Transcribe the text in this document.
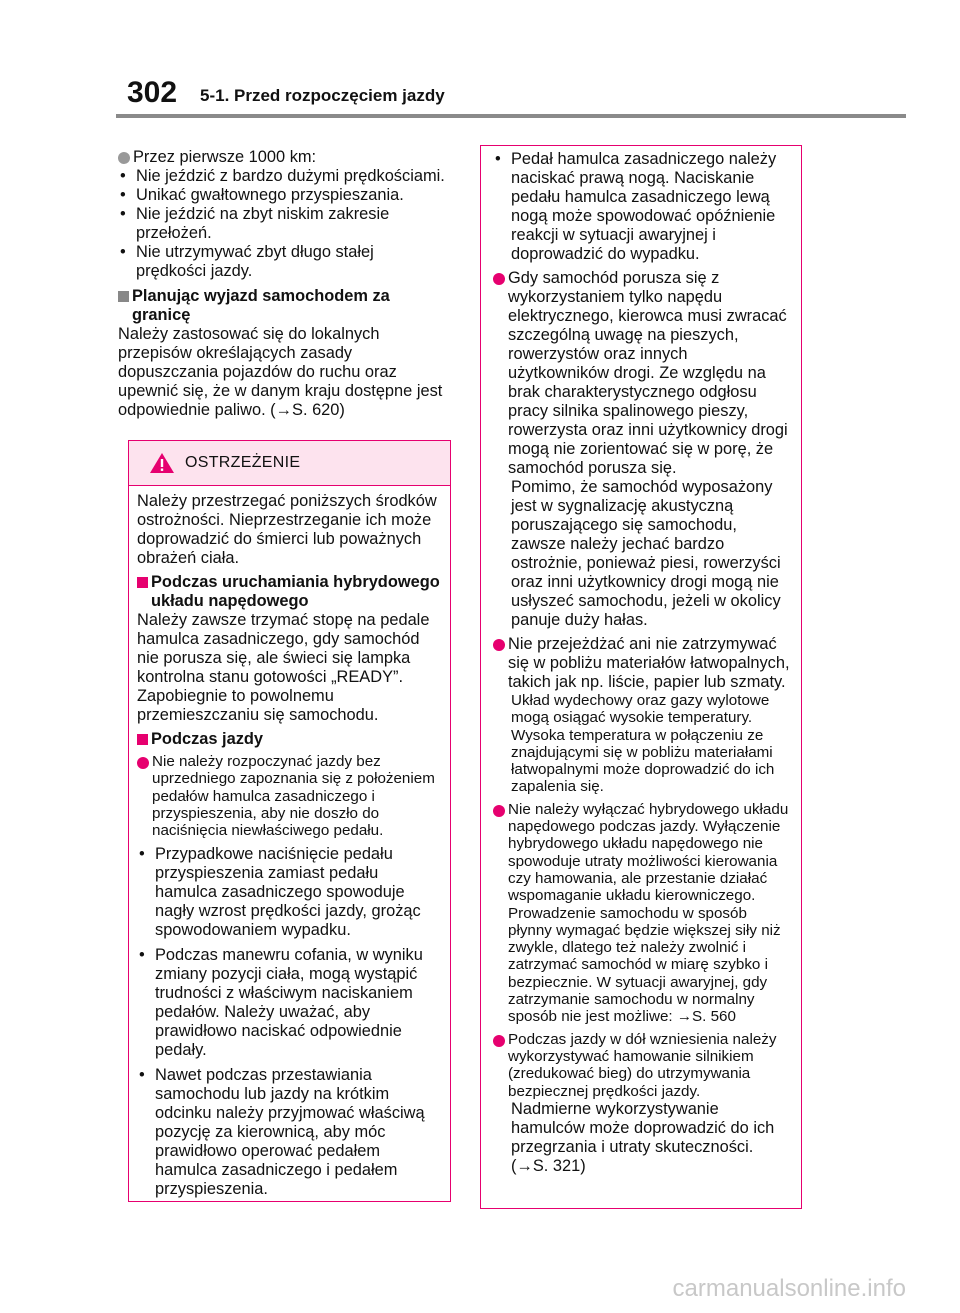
302 5-1. Przed rozpoczęciem jazdy

Przez pierwsze 1000 km:

• Nie jeździć z bardzo dużymi prędkościami.

• Unikać gwałtownego przyspieszania.

• Nie jeździć na zbyt niskim zakresie przełożeń.

• Nie utrzymywać zbyt długo stałej prędkości jazdy.

Planując wyjazd samochodem za granicę

Należy zastosować się do lokalnych przepisów określających zasady dopuszczania pojazdów do ruchu oraz upewnić się, że w danym kraju dostępne jest odpowiednie paliwo. (→S. 620)

OSTRZEŻENIE

Należy przestrzegać poniższych środków ostrożności. Nieprzestrzeganie ich może doprowadzić do śmierci lub poważnych obrażeń ciała.

Podczas uruchamiania hybrydowego układu napędowego

Należy zawsze trzymać stopę na pedale hamulca zasadniczego, gdy samochód nie porusza się, ale świeci się lampka kontrolna stanu gotowości „READY”. Zapobiegnie to powolnemu przemieszczaniu się samochodu.

Podczas jazdy

Nie należy rozpoczynać jazdy bez uprzedniego zapoznania się z położeniem pedałów hamulca zasadniczego i przyspieszenia, aby nie doszło do naciśnięcia niewłaściwego pedału.

• Przypadkowe naciśnięcie pedału przyspieszenia zamiast pedału hamulca zasadniczego spowoduje nagły wzrost prędkości jazdy, grożąc spowodowaniem wypadku.

• Podczas manewru cofania, w wyniku zmiany pozycji ciała, mogą wystąpić trudności z właściwym naciskaniem pedałów. Należy uważać, aby prawidłowo naciskać odpowiednie pedały.

• Nawet podczas przestawiania samochodu lub jazdy na krótkim odcinku należy przyjmować właściwą pozycję za kierownicą, aby móc prawidłowo operować pedałem hamulca zasadniczego i pedałem przyspieszenia.

• Pedał hamulca zasadniczego należy naciskać prawą nogą. Naciskanie pedału hamulca zasadniczego lewą nogą może spowodować opóźnienie reakcji w sytuacji awaryjnej i doprowadzić do wypadku.

Gdy samochód porusza się z wykorzystaniem tylko napędu elektrycznego, kierowca musi zwracać szczególną uwagę na pieszych, rowerzystów oraz innych użytkowników drogi. Ze względu na brak charakterystycznego odgłosu pracy silnika spalinowego pieszy, rowerzysta oraz inni użytkownicy drogi mogą nie zorientować się w porę, że samochód porusza się.

Pomimo, że samochód wyposażony jest w sygnalizację akustyczną poruszającego się samochodu, zawsze należy jechać bardzo ostrożnie, ponieważ piesi, rowerzyści oraz inni użytkownicy drogi mogą nie usłyszeć samochodu, jeżeli w okolicy panuje duży hałas.

Nie przejeżdżać ani nie zatrzymywać się w pobliżu materiałów łatwopalnych, takich jak np. liście, papier lub szmaty.

Układ wydechowy oraz gazy wylotowe mogą osiągać wysokie temperatury. Wysoka temperatura w połączeniu ze znajdującymi się w pobliżu materiałami łatwopalnymi może doprowadzić do ich zapalenia się.

Nie należy wyłączać hybrydowego układu napędowego podczas jazdy. Wyłączenie hybrydowego układu napędowego nie spowoduje utraty możliwości kierowania czy hamowania, ale przestanie działać wspomaganie układu kierowniczego. Prowadzenie samochodu w sposób płynny wymagać będzie większej siły niż zwykle, dlatego też należy zwolnić i zatrzymać samochód w miarę szybko i bezpiecznie. W sytuacji awaryjnej, gdy zatrzymanie samochodu w normalny sposób nie jest możliwe: →S. 560

Podczas jazdy w dół wzniesienia należy wykorzystywać hamowanie silnikiem (zredukować bieg) do utrzymywania bezpiecznej prędkości jazdy.

Nadmierne wykorzystywanie hamulców może doprowadzić do ich przegrzania i utraty skuteczności. (→S. 321)

carmanualsonline.info
